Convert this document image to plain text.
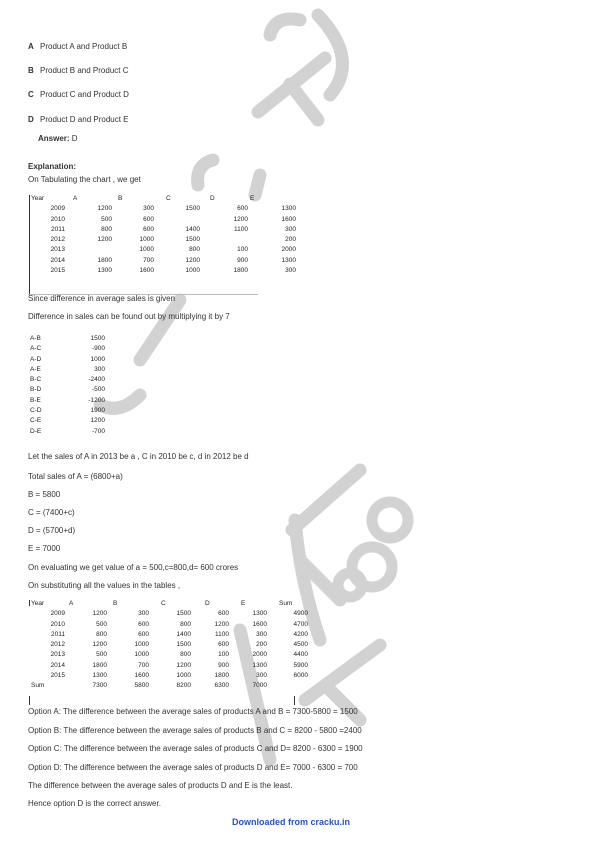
A Product A and Product B
B Product B and Product C
C Product C and Product D
D Product D and Product E
Answer: D
Explanation:
On Tabulating the chart , we get
Year	A	B	C	D	E
2009	1200	300	1500	600	1300
2010	500	600		1200	1600
2011	800	600	1400	1100	300
2012	1200	1000	1500		200
2013		1000	800	100	2000
2014	1800	700	1200	900	1300
2015	1300	1600	1000	1800	300
Since difference in average sales is given
Difference in sales can be found out by multiplying it by 7
A-B	1500
A-C	-900
A-D	1000
A-E	300
B-C	-2400
B-D	-500
B-E	-1200
C-D	1900
C-E	1200
D-E	-700
Let the sales of A in 2013 be a , C in 2010 be c, d in 2012 be d
Total sales of A = (6800+a)
B = 5800
C = (7400+c)
D = (5700+d)
E = 7000
On evaluating we get value of a = 500,c=800,d= 600 crores
On substituting all the values in the tables ,
Year	A	B	C	D	E	Sum
2009	1200	300	1500	600	1300	4900
2010	500	600	800	1200	1600	4700
2011	800	600	1400	1100	300	4200
2012	1200	1000	1500	600	200	4500
2013	500	1000	800	100	2000	4400
2014	1800	700	1200	900	1300	5900
2015	1300	1600	1000	1800	300	6000
Sum	7300	5800	8200	6300	7000	
Option A: The difference between the average sales of products A and B = 7300-5800 = 1500
Option B: The difference between the average sales of products B and C = 8200 - 5800 =2400
Option C: The difference between the average sales of products C and D= 8200 - 6300 = 1900
Option D: The difference between the average sales of products D and E= 7000 - 6300 = 700
The difference between the average sales of products D and E is the least.
Hence option D is the correct answer.
Downloaded from cracku.in
